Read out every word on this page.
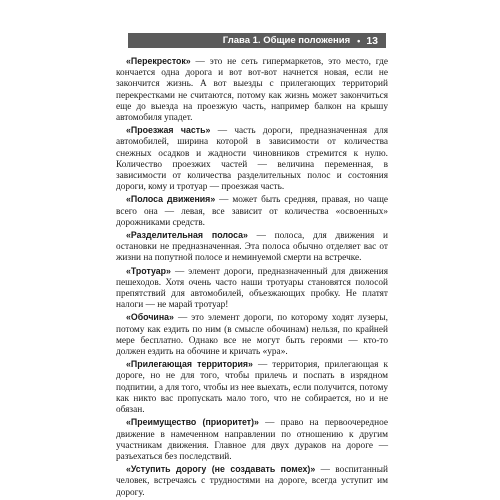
Глава 1. Общие положения • 13

«Перекресток» — это не сеть гипермаркетов, это место, где кончается одна дорога и вот вот-вот начнется новая, если не закончится жизнь. А вот выезды с прилегающих территорий перекрестками не считаются, потому как жизнь может закончиться еще до выезда на проезжую часть, например балкон на крышу автомобиля упадет.

«Проезжая часть» — часть дороги, предназначенная для автомобилей, ширина которой в зависимости от количества снежных осадков и жадности чиновников стремится к нулю. Количество проезжих частей — величина переменная, в зависимости от количества разделительных полос и состояния дороги, кому и тротуар — проезжая часть.

«Полоса движения» — может быть средняя, правая, но чаще всего она — левая, все зависит от количества «освоенных» дорожниками средств.

«Разделительная полоса» — полоса, для движения и остановки не предназначенная. Эта полоса обычно отделяет вас от жизни на попутной полосе и неминуемой смерти на встречке.

«Тротуар» — элемент дороги, предназначенный для движения пешеходов. Хотя очень часто наши тротуары становятся полосой препятствий для автомобилей, объезжающих пробку. Не платят налоги — не марай тротуар!

«Обочина» — это элемент дороги, по которому ходят лузеры, потому как ездить по ним (в смысле обочинам) нельзя, по крайней мере бесплатно. Однако все не могут быть героями — кто-то должен ездить на обочине и кричать «ура».

«Прилегающая территория» — территория, прилегающая к дороге, но не для того, чтобы прилечь и поспать в изрядном подпитии, а для того, чтобы из нее выехать, если получится, потому как никто вас пропускать мало того, что не собирается, но и не обязан.

«Преимущество (приоритет)» — право на первоочередное движение в намеченном направлении по отношению к другим участникам движения. Главное для двух дураков на дороге — разъехаться без последствий.

«Уступить дорогу (не создавать помех)» — воспитанный человек, встречаясь с трудностями на дороге, всегда уступит им дорогу.
